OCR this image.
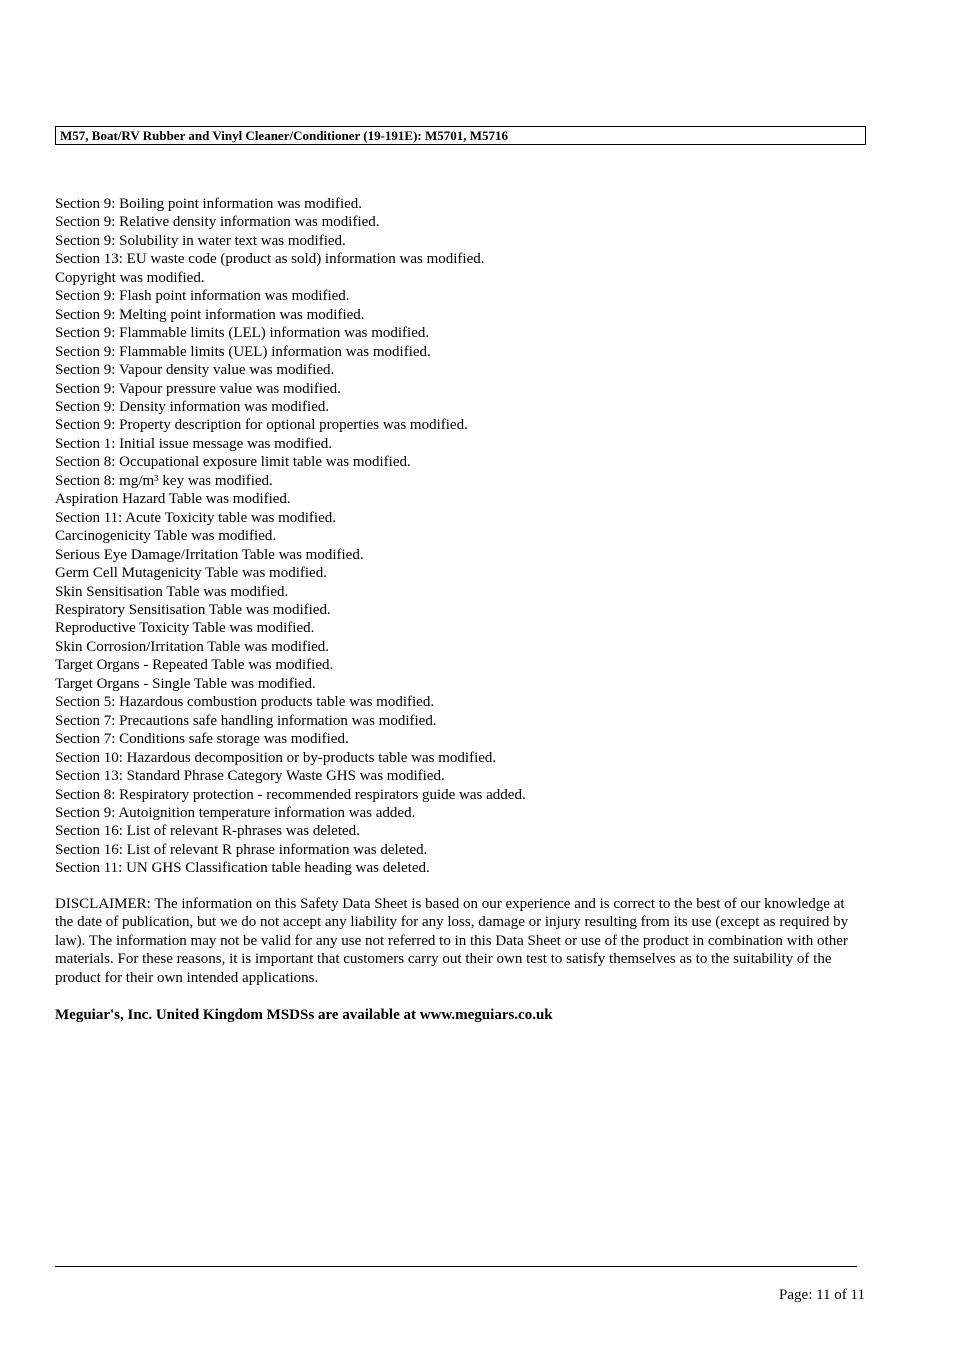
M57, Boat/RV Rubber and Vinyl Cleaner/Conditioner (19-191E): M5701, M5716
Section 9: Boiling point information was modified.
Section 9: Relative density information was modified.
Section 9: Solubility in water text was modified.
Section 13: EU waste code (product as sold) information was modified.
Copyright was modified.
Section 9: Flash point information was modified.
Section 9: Melting point information was modified.
Section 9: Flammable limits (LEL) information was modified.
Section 9: Flammable limits (UEL) information was modified.
Section 9: Vapour density value was modified.
Section 9: Vapour pressure value was modified.
Section 9: Density information was modified.
Section 9: Property description for optional properties was modified.
Section 1: Initial issue message was modified.
Section 8: Occupational exposure limit table was modified.
Section 8: mg/m³ key was modified.
Aspiration Hazard Table was modified.
Section 11: Acute Toxicity table was modified.
Carcinogenicity Table was modified.
Serious Eye Damage/Irritation Table was modified.
Germ Cell Mutagenicity Table was modified.
Skin Sensitisation Table was modified.
Respiratory Sensitisation Table was modified.
Reproductive Toxicity Table was modified.
Skin Corrosion/Irritation Table was modified.
Target Organs - Repeated Table was modified.
Target Organs - Single Table was modified.
Section 5: Hazardous combustion products table was modified.
Section 7: Precautions safe handling information was modified.
Section 7: Conditions safe storage was modified.
Section 10: Hazardous decomposition or by-products table was modified.
Section 13: Standard Phrase Category Waste GHS was modified.
Section 8: Respiratory protection - recommended respirators guide was added.
Section 9: Autoignition temperature information was added.
Section 16: List of relevant R-phrases was deleted.
Section 16: List of relevant R phrase information was deleted.
Section 11: UN GHS Classification table heading was deleted.

DISCLAIMER: The information on this Safety Data Sheet is based on our experience and is correct to the best of our knowledge at the date of publication, but we do not accept any liability for any loss, damage or injury resulting from its use (except as required by law). The information may not be valid for any use not referred to in this Data Sheet or use of the product in combination with other materials. For these reasons, it is important that customers carry out their own test to satisfy themselves as to the suitability of the product for their own intended applications.

Meguiar's, Inc. United Kingdom MSDSs are available at www.meguiars.co.uk

Page: 11 of 11
